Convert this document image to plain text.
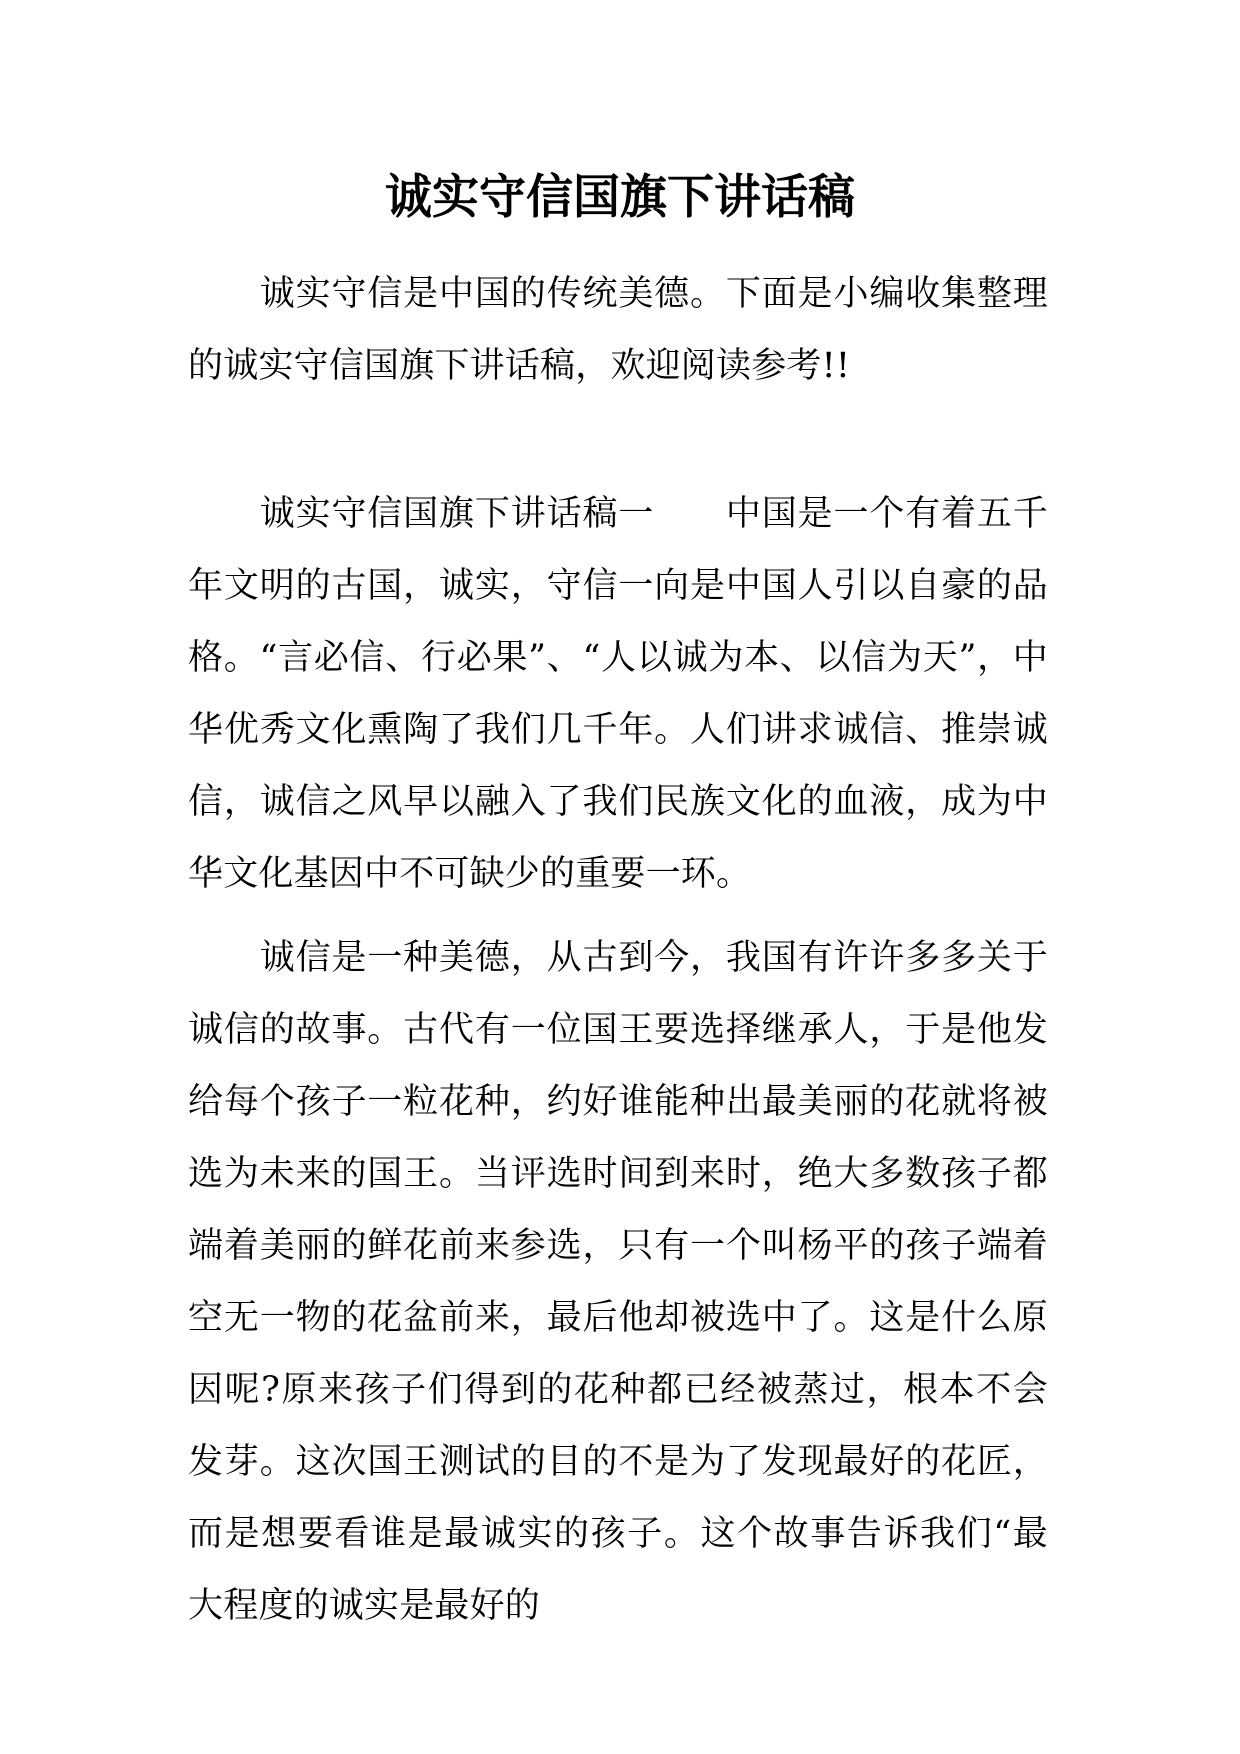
诚实守信国旗下讲话稿

　　诚实守信是中国的传统美德。下面是小编收集整理的诚实守信国旗下讲话稿，欢迎阅读参考!!

　　诚实守信国旗下讲话稿一　　中国是一个有着五千年文明的古国，诚实，守信一向是中国人引以自豪的品格。“言必信、行必果”、“人以诚为本、以信为天”，中华优秀文化熏陶了我们几千年。人们讲求诚信、推崇诚信，诚信之风早以融入了我们民族文化的血液，成为中华文化基因中不可缺少的重要一环。

　　诚信是一种美德，从古到今，我国有许许多多关于诚信的故事。古代有一位国王要选择继承人，于是他发给每个孩子一粒花种，约好谁能种出最美丽的花就将被选为未来的国王。当评选时间到来时，绝大多数孩子都端着美丽的鲜花前来参选，只有一个叫杨平的孩子端着空无一物的花盆前来，最后他却被选中了。这是什么原因呢?原来孩子们得到的花种都已经被蒸过，根本不会发芽。这次国王测试的目的不是为了发现最好的花匠，而是想要看谁是最诚实的孩子。这个故事告诉我们“最大程度的诚实是最好的
